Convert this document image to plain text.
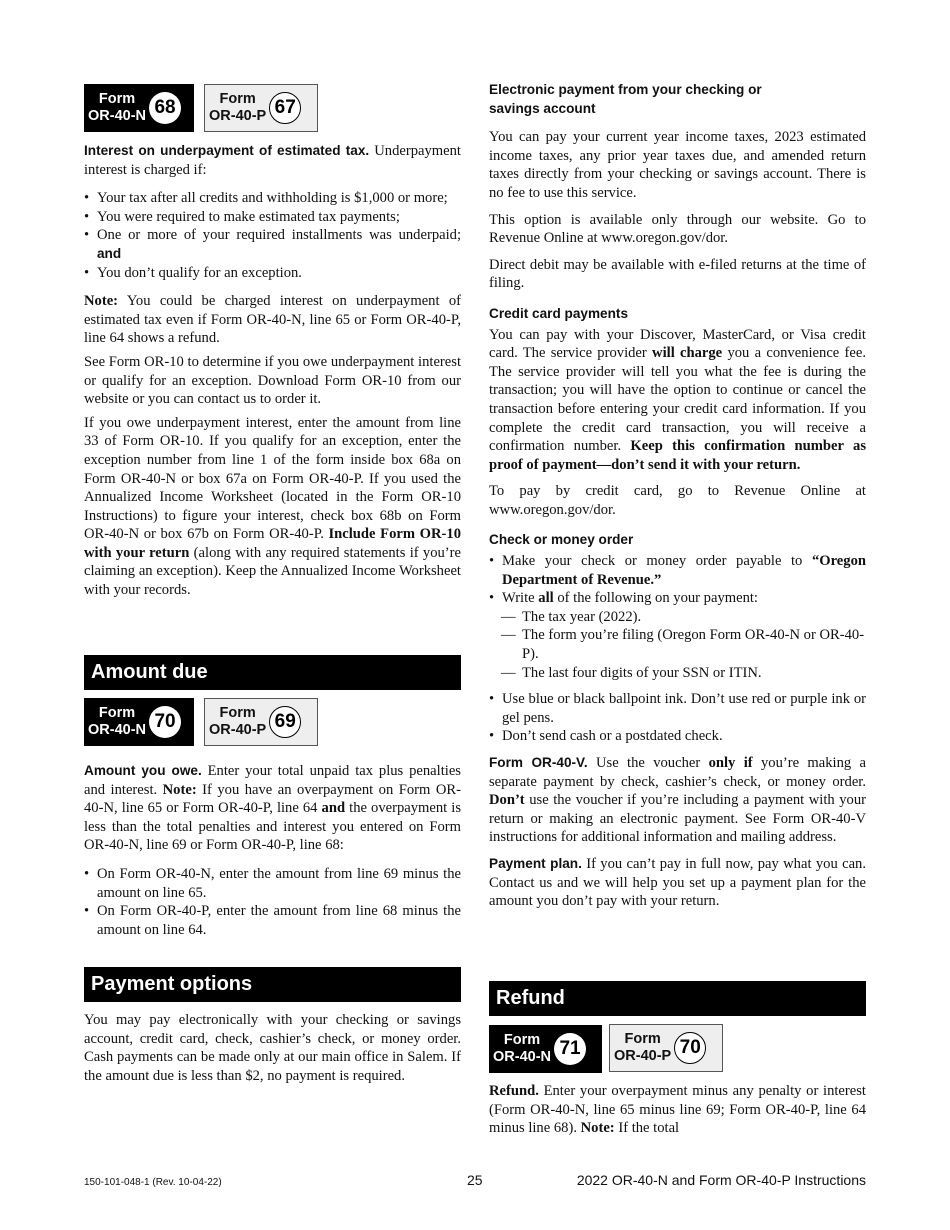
Form
OR-40-N 68	Form
OR-40-P 67

Interest on underpayment of estimated tax. Underpayment interest is charged if:

• Your tax after all credits and withholding is $1,000 or more;
• You were required to make estimated tax payments;
• One or more of your required installments was underpaid; and
• You don’t qualify for an exception.

Note: You could be charged interest on underpayment of estimated tax even if Form OR-40-N, line 65 or Form OR-40-P, line 64 shows a refund.

See Form OR-10 to determine if you owe underpayment interest or qualify for an exception. Download Form OR-10 from our website or you can contact us to order it.

If you owe underpayment interest, enter the amount from line 33 of Form OR-10. If you qualify for an exception, enter the exception number from line 1 of the form inside box 68a on Form OR-40-N or box 67a on Form OR-40-P. If you used the Annualized Income Worksheet (located in the Form OR-10 Instructions) to figure your interest, check box 68b on Form OR-40-N or box 67b on Form OR-40-P. Include Form OR-10 with your return (along with any required statements if you’re claiming an exception). Keep the Annualized Income Worksheet with your records.

Amount due
Form
OR-40-N 70	Form
OR-40-P 69

Amount you owe. Enter your total unpaid tax plus penalties and interest. Note: If you have an overpayment on Form OR-40-N, line 65 or Form OR-40-P, line 64 and the overpayment is less than the total penalties and interest you entered on Form OR-40-N, line 69 or Form OR-40-P, line 68:

• On Form OR-40-N, enter the amount from line 69 minus the amount on line 65.
• On Form OR-40-P, enter the amount from line 68 minus the amount on line 64.
Payment options

You may pay electronically with your checking or savings account, credit card, check, cashier’s check, or money order. Cash payments can be made only at our main office in Salem. If the amount due is less than $2, no payment is required.

Electronic payment from your checking or savings account

You can pay your current year income taxes, 2023 estimated income taxes, any prior year taxes due, and amended return taxes directly from your checking or savings account. There is no fee to use this service.

This option is available only through our website. Go to Revenue Online at www.oregon.gov/dor.

Direct debit may be available with e-filed returns at the time of filing.

Credit card payments

You can pay with your Discover, MasterCard, or Visa credit card. The service provider will charge you a convenience fee. The service provider will tell you what the fee is during the transaction; you will have the option to continue or cancel the transaction before entering your credit card information. If you complete the credit card transaction, you will receive a confirmation number. Keep this confirmation number as proof of payment—don’t send it with your return.

To pay by credit card, go to Revenue Online at www.oregon.gov/dor.

Check or money order
• Make your check or money order payable to “Oregon Department of Revenue.”
• Write all of the following on your payment:
— The tax year (2022).
— The form you’re filing (Oregon Form OR-40-N or OR-40-P).
— The last four digits of your SSN or ITIN.
• Use blue or black ballpoint ink. Don’t use red or purple ink or gel pens.
• Don’t send cash or a postdated check.

Form OR-40-V. Use the voucher only if you’re making a separate payment by check, cashier’s check, or money order. Don’t use the voucher if you’re including a payment with your return or making an electronic payment. See Form OR-40-V instructions for additional information and mailing address.

Payment plan. If you can’t pay in full now, pay what you can. Contact us and we will help you set up a payment plan for the amount you don’t pay with your return.

Refund
Form
OR-40-N 71	Form
OR-40-P 70

Refund. Enter your overpayment minus any penalty or interest (Form OR-40-N, line 65 minus line 69; Form OR-40-P, line 64 minus line 68). Note: If the total

150-101-048-1 (Rev. 10-04-22)	25	2022 OR-40-N and Form OR-40-P Instructions
